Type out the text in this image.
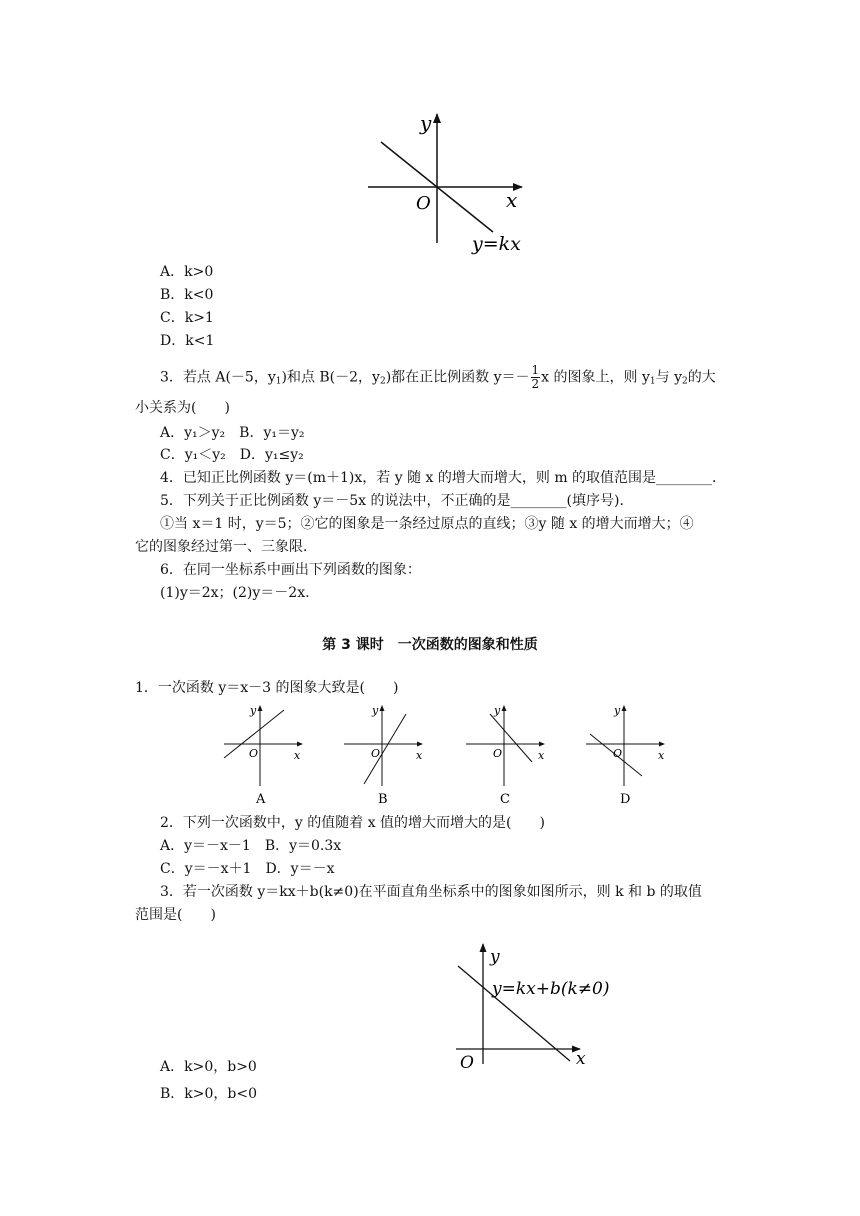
y
x
O
y=kx
A．k>0
B．k<0
C．k>1
D．k<1
3．若点 A(－5，$y_1$)和点 B(－2，$y_2$)都在正比例函数 $y=- \frac{1}{2}$ x 的图象上，则 $y_1$与 $y_2$的大
小关系为(　　)
A．y₁＞y₂　 B．y₁＝y₂
C．y₁＜y₂　 D．y₁≤y₂
4．已知正比例函数 y＝(m＋1)x，若 y 随 x 的增大而增大，则 m 的取值范围是________．
5．下列关于正比例函数 y＝－5x 的说法中，不正确的是________(填序号)．
①当 x＝1 时，y＝5；②它的图象是一条经过原点的直线；③y 随 x 的增大而增大；④
它的图象经过第一、三象限．
6．在同一坐标系中画出下列函数的图象：
(1)y＝2x；(2)y＝－2x.
第 3 课时　一次函数的图象和性质
1．一次函数 y＝x－3 的图象大致是(　　)
y
x
O
A
y
x
O
B
y
x
O
C
y
x
O
D
2．下列一次函数中，y 的值随着 x 值的增大而增大的是(　　)
A．y＝－x－1　 B．y＝0.3x
C．y＝－x＋1　 D．y＝－x
3．若一次函数 y＝kx＋b(k≠0)在平面直角坐标系中的图象如图所示，则 k 和 b 的取值
范围是(　　)
y
x
O
y=kx+b(k≠0)
A．k>0，b>0
B．k>0，b<0
